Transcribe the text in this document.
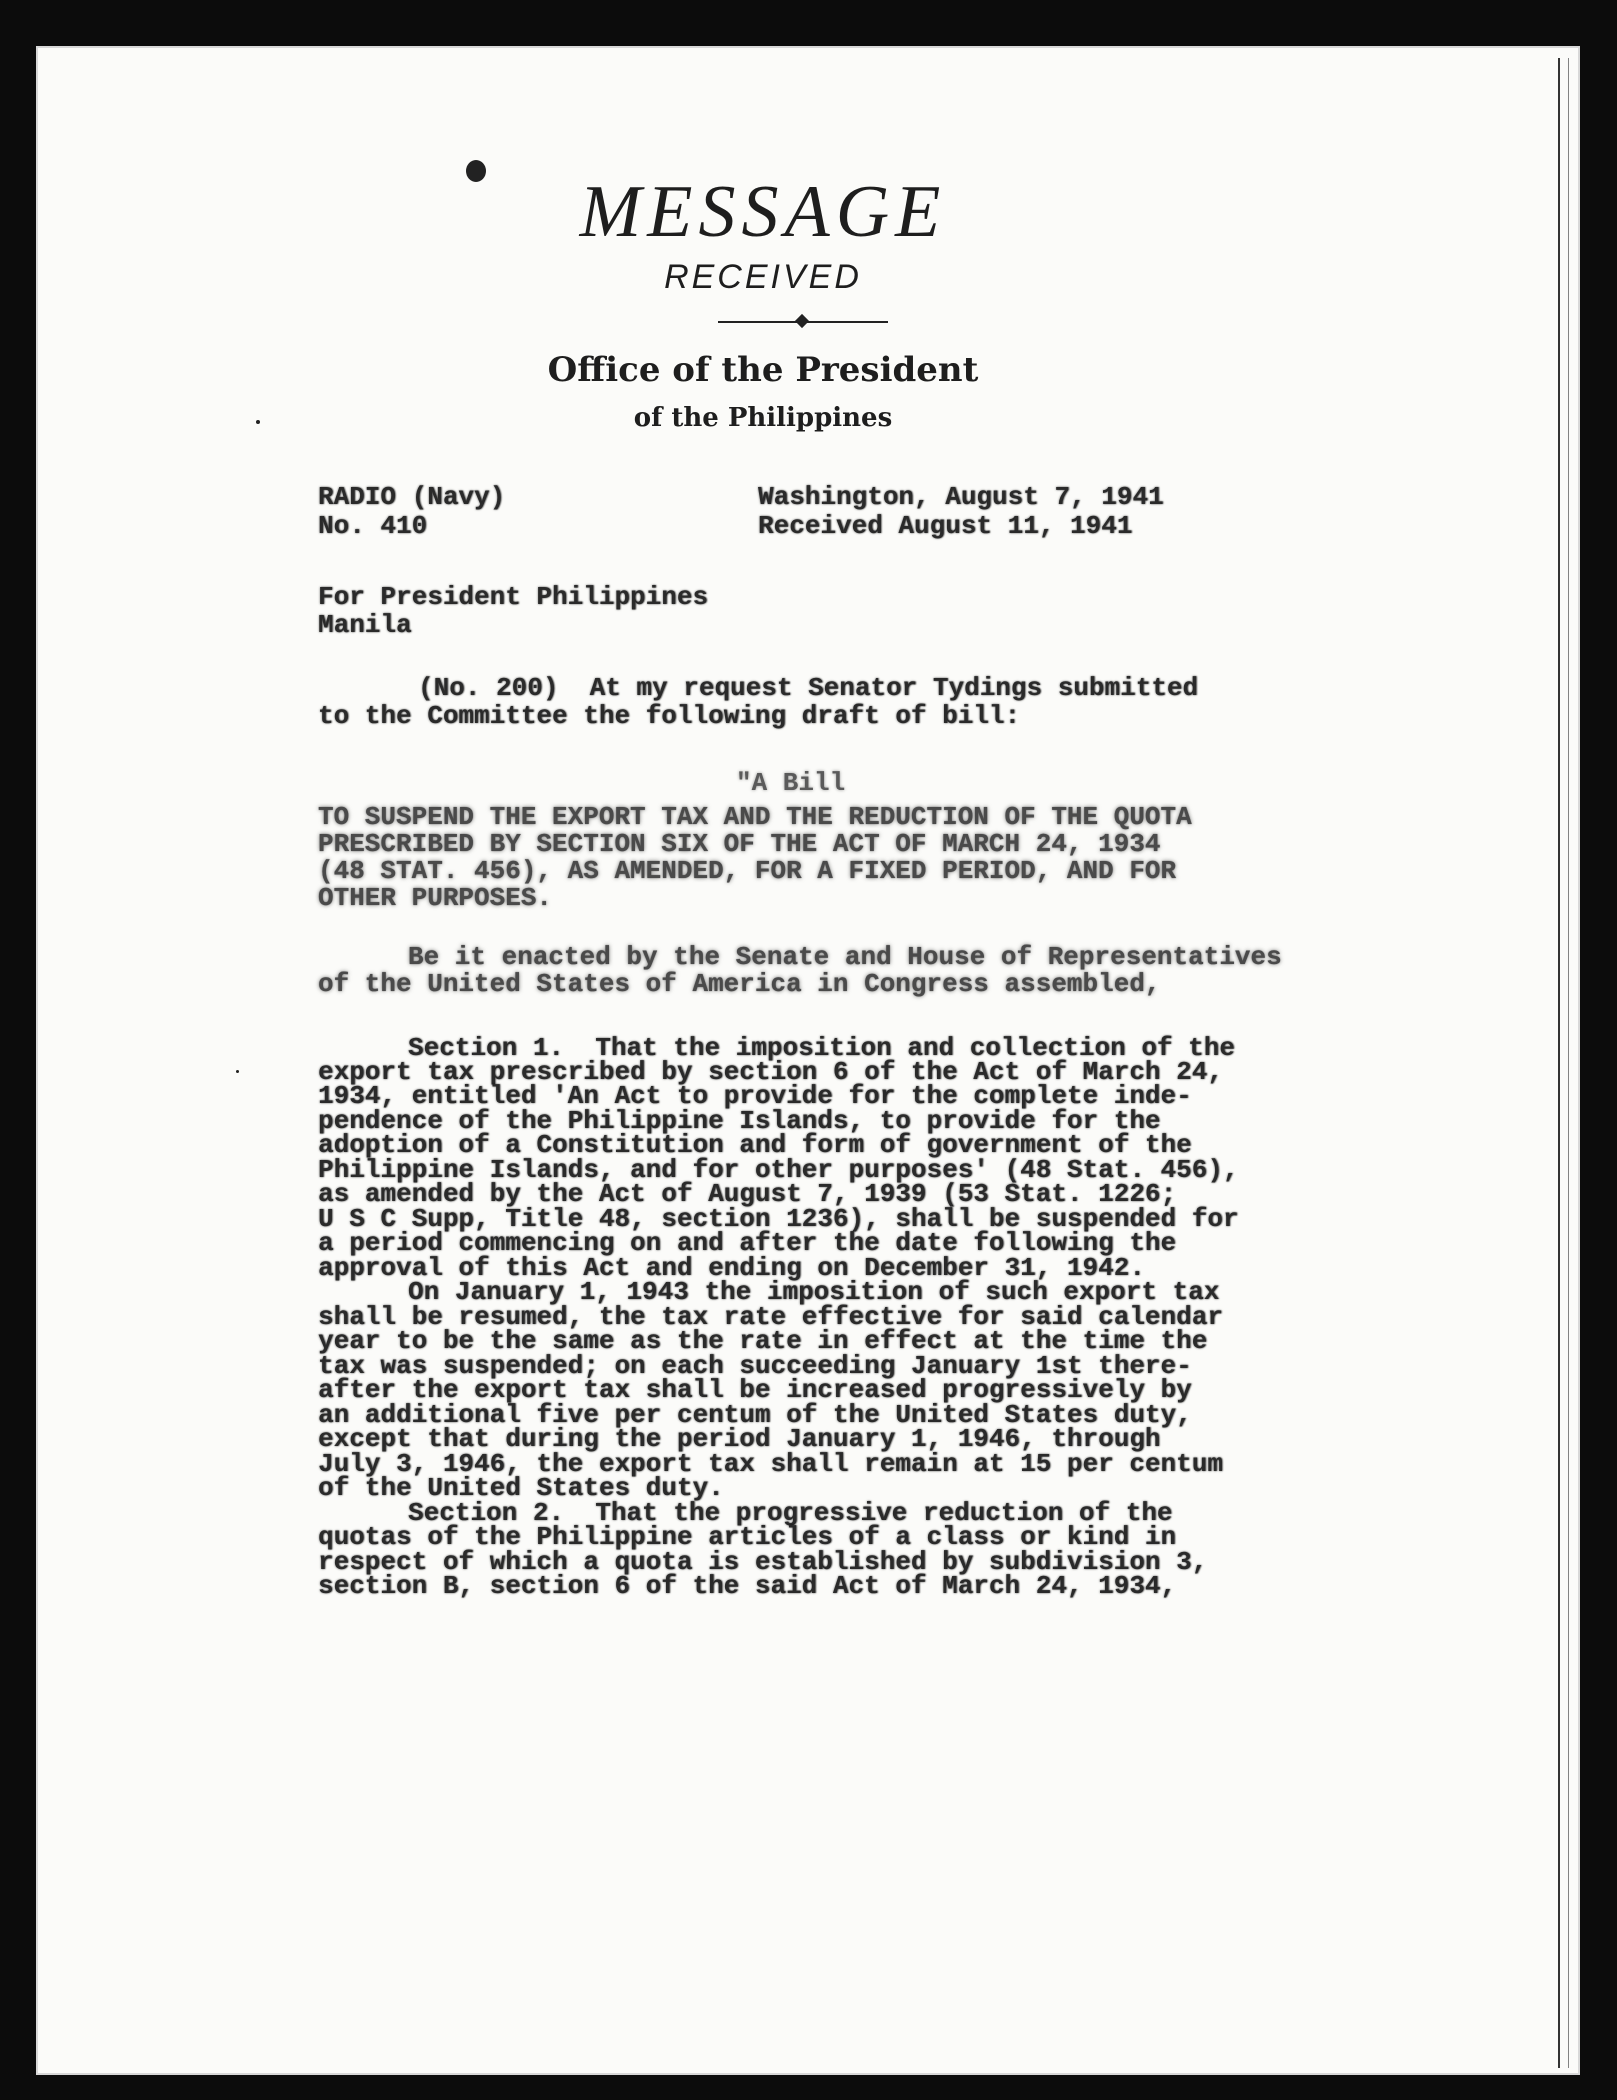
MESSAGE
RECEIVED
Office of the President
of the Philippines
RADIO (Navy)
No. 410
Washington, August 7, 1941
Received August 11, 1941
For President Philippines
Manila
(No. 200)  At my request Senator Tydings submitted
to the Committee the following draft of bill:
"A Bill
TO SUSPEND THE EXPORT TAX AND THE REDUCTION OF THE QUOTA
PRESCRIBED BY SECTION SIX OF THE ACT OF MARCH 24, 1934
(48 STAT. 456), AS AMENDED, FOR A FIXED PERIOD, AND FOR
OTHER PURPOSES.
Be it enacted by the Senate and House of Representatives
of the United States of America in Congress assembled,
Section 1.  That the imposition and collection of the
export tax prescribed by section 6 of the Act of March 24,
1934, entitled 'An Act to provide for the complete inde-
pendence of the Philippine Islands, to provide for the
adoption of a Constitution and form of government of the
Philippine Islands, and for other purposes' (48 Stat. 456),
as amended by the Act of August 7, 1939 (53 Stat. 1226;
U S C Supp, Title 48, section 1236), shall be suspended for
a period commencing on and after the date following the
approval of this Act and ending on December 31, 1942.
On January 1, 1943 the imposition of such export tax
shall be resumed, the tax rate effective for said calendar
year to be the same as the rate in effect at the time the
tax was suspended; on each succeeding January 1st there-
after the export tax shall be increased progressively by
an additional five per centum of the United States duty,
except that during the period January 1, 1946, through
July 3, 1946, the export tax shall remain at 15 per centum
of the United States duty.
Section 2.  That the progressive reduction of the
quotas of the Philippine articles of a class or kind in
respect of which a quota is established by subdivision 3,
section B, section 6 of the said Act of March 24, 1934,
